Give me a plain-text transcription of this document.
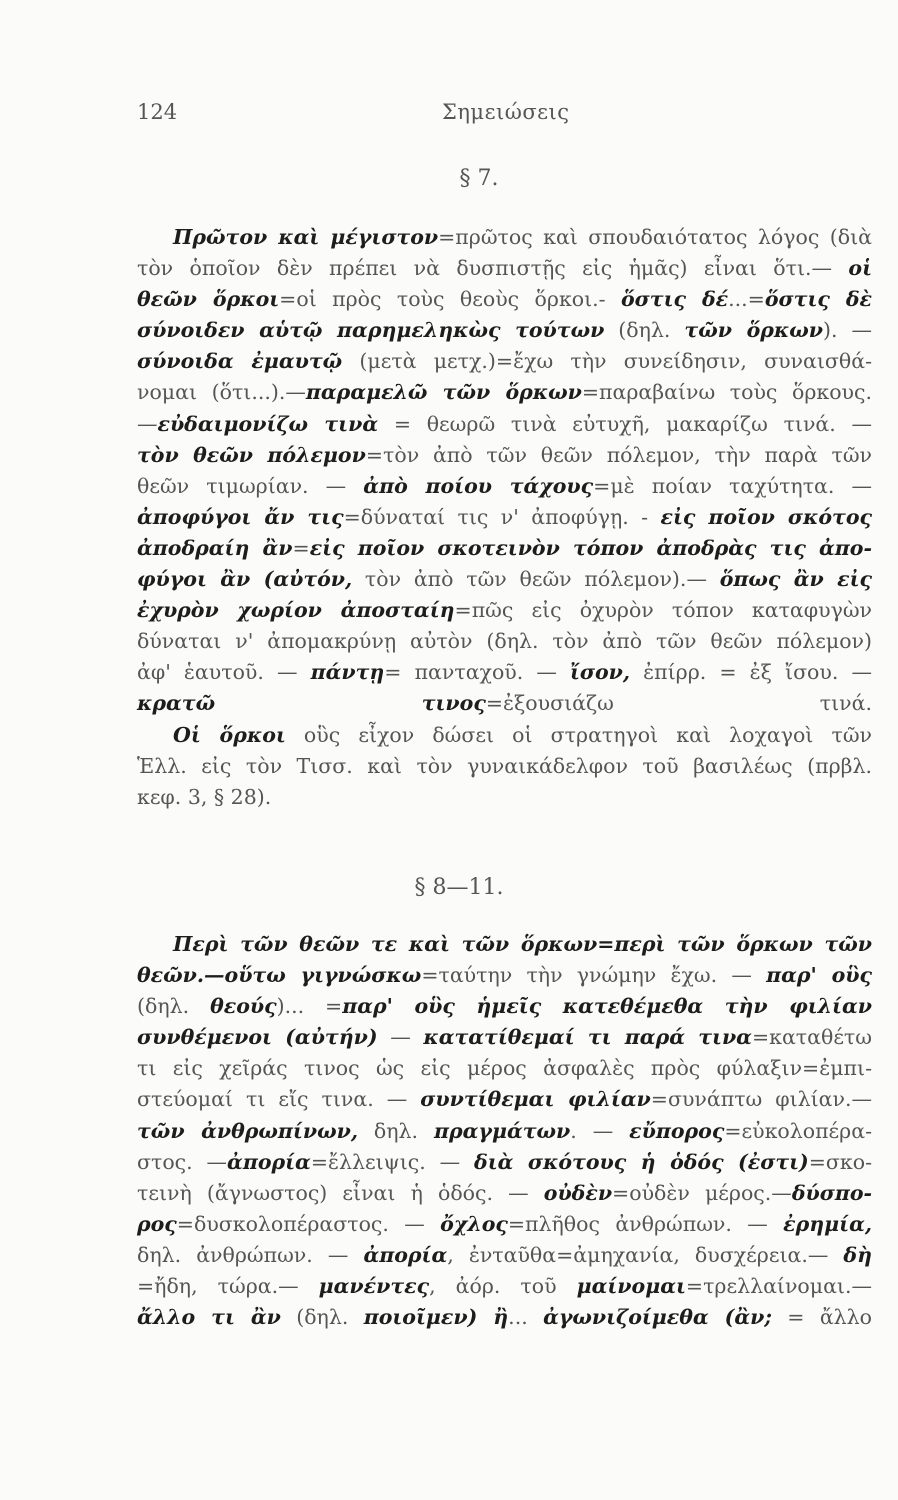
124	Σημειώσεις
§ 7.
Πρῶτον καὶ μέγιστον=πρῶτος καὶ σπουδαιότατος λόγος (διὰ
τὸν ὁποῖον δὲν πρέπει νὰ δυσπιστῇς εἰς ἡμᾶς) εἶναι ὅτι.— οἱ
θεῶν ὅρκοι=οἱ πρὸς τοὺς θεοὺς ὅρκοι.- ὅστις δέ...=ὅστις δὲ
σύνοιδεν αὑτῷ παρημεληκὼς τούτων (δηλ. τῶν ὅρκων). —
σύνοιδα ἐμαυτῷ (μετὰ μετχ.)=ἔχω τὴν συνείδησιν, συναισθά-
νομαι (ὅτι...).—παραμελῶ τῶν ὅρκων=παραβαίνω τοὺς ὅρκους.
—εὐδαιμονίζω τινὰ = θεωρῶ τινὰ εὐτυχῆ, μακαρίζω τινά. —
τὸν θεῶν πόλεμον=τὸν ἀπὸ τῶν θεῶν πόλεμον, τὴν παρὰ τῶν
θεῶν τιμωρίαν. — ἀπὸ ποίου τάχους=μὲ ποίαν ταχύτητα. —
ἀποφύγοι ἄν τις=δύναταί τις ν' ἀποφύγῃ. - εἰς ποῖον σκότος
ἀποδραίη ἂν=εἰς ποῖον σκοτεινὸν τόπον ἀποδρὰς τις ἀπο-
φύγοι ἂν (αὐτόν, τὸν ἀπὸ τῶν θεῶν πόλεμον).— ὅπως ἂν εἰς
ἐχυρὸν χωρίον ἀποσταίη=πῶς εἰς ὀχυρὸν τόπον καταφυγὼν
δύναται ν' ἀπομακρύνῃ αὐτὸν (δηλ. τὸν ἀπὸ τῶν θεῶν πόλεμον)
ἀφ' ἑαυτοῦ. — πάντῃ= πανταχοῦ. — ἴσον, ἐπίρρ. = ἐξ ἴσου. —
κρατῶ τινος=ἐξουσιάζω τινά.
Οἱ ὅρκοι οὓς εἶχον δώσει οἱ στρατηγοὶ καὶ λοχαγοὶ τῶν
Ἑλλ. εἰς τὸν Τισσ. καὶ τὸν γυναικάδελφον τοῦ βασιλέως (πρβλ.
κεφ. 3, § 28).
§ 8—11.
Περὶ τῶν θεῶν τε καὶ τῶν ὅρκων=περὶ τῶν ὅρκων τῶν
θεῶν.—οὕτω γιγνώσκω=ταύτην τὴν γνώμην ἔχω. — παρ' οὓς
(δηλ. θεούς)... =παρ' οὓς ἡμεῖς κατεθέμεθα τὴν φιλίαν
συνθέμενοι (αὐτήν) — κατατίθεμαί τι παρά τινα=καταθέτω
τι εἰς χεῖράς τινος ὡς εἰς μέρος ἀσφαλὲς πρὸς φύλαξιν=ἐμπι-
στεύομαί τι εἴς τινα. — συντίθεμαι φιλίαν=συνάπτω φιλίαν.—
τῶν ἀνθρωπίνων, δηλ. πραγμάτων. — εὔπορος=εὐκολοπέρα-
στος. —ἀπορία=ἔλλειψις. — διὰ σκότους ἡ ὁδός (ἐστι)=σκο-
τεινὴ (ἄγνωστος) εἶναι ἡ ὁδός. — οὐδὲν=οὐδὲν μέρος.—δύσπο-
ρος=δυσκολοπέραστος. — ὄχλος=πλῆθος ἀνθρώπων. — ἐρημία,
δηλ. ἀνθρώπων. — ἀπορία, ἐνταῦθα=ἀμηχανία, δυσχέρεια.— δὴ
=ἤδη, τώρα.— μανέντες, ἀόρ. τοῦ μαίνομαι=τρελλαίνομαι.—
ἄλλο τι ἂν (δηλ. ποιοῖμεν) ἢ... ἀγωνιζοίμεθα (ἂν; = ἄλλο
